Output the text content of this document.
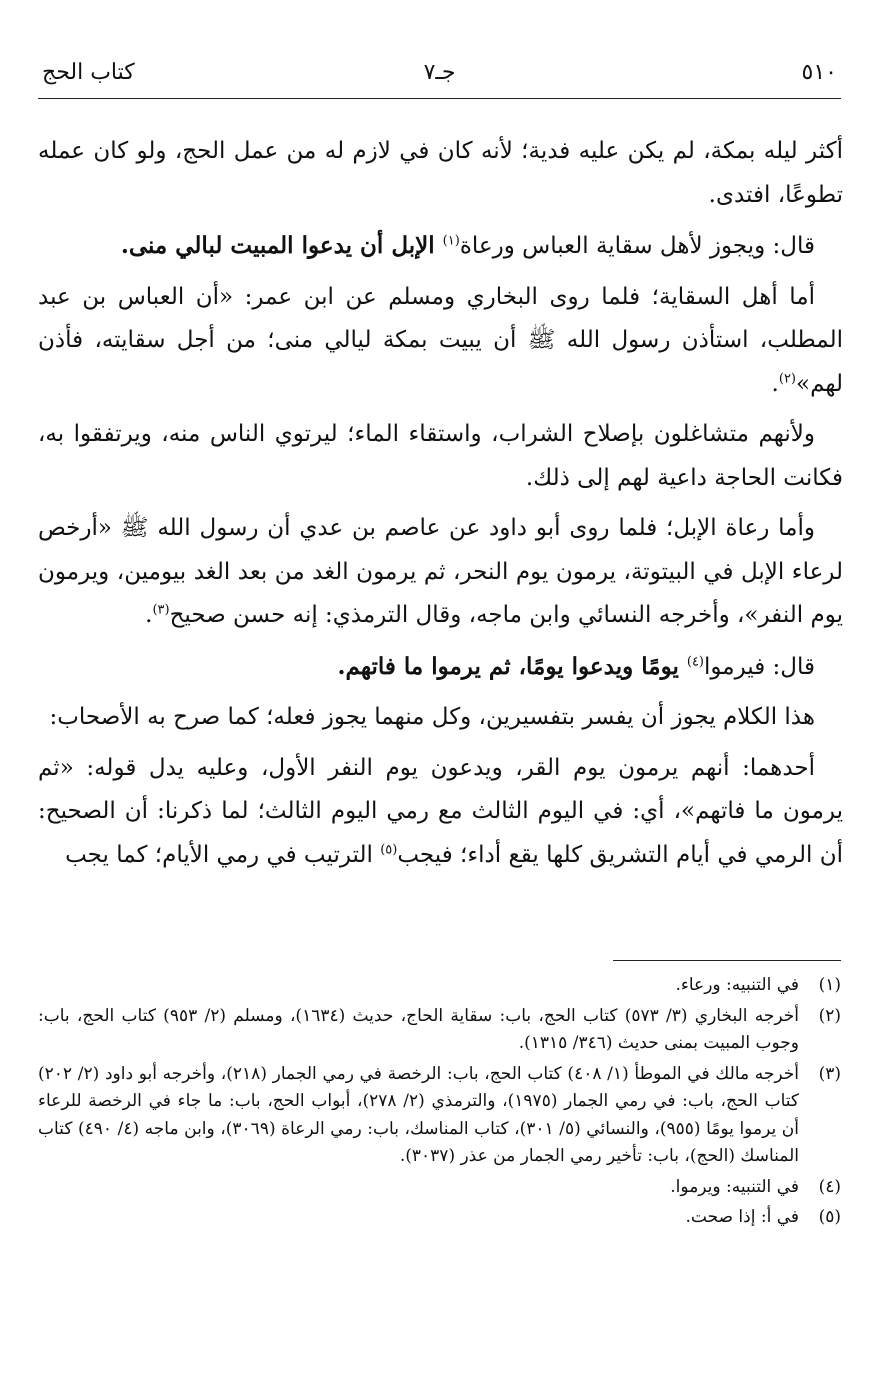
٥١٠
جـ٧
كتاب الحج

أكثر ليله بمكة، لم يكن عليه فدية؛ لأنه كان في لازم له من عمل الحج، ولو كان عمله تطوعًا، افتدى.

قال: ويجوز لأهل سقاية العباس ورعاة$^{(١)}$ الإبل أن يدعوا المبيت لبالي منى.

أما أهل السقاية؛ فلما روى البخاري ومسلم عن ابن عمر: «أن العباس بن عبد المطلب، استأذن رسول الله ﷺ أن يبيت بمكة ليالي منى؛ من أجل سقايته، فأذن لهم»$^{(٢)}$.

ولأنهم متشاغلون بإصلاح الشراب، واستقاء الماء؛ ليرتوي الناس منه، ويرتفقوا به، فكانت الحاجة داعية لهم إلى ذلك.

وأما رعاة الإبل؛ فلما روى أبو داود عن عاصم بن عدي أن رسول الله ﷺ «أرخص لرعاء الإبل في البيتوتة، يرمون يوم النحر، ثم يرمون الغد من بعد الغد بيومين، ويرمون يوم النفر»، وأخرجه النسائي وابن ماجه، وقال الترمذي: إنه حسن صحيح$^{(٣)}$.

قال: فيرموا$^{(٤)}$ يومًا ويدعوا يومًا، ثم يرموا ما فاتهم.

هذا الكلام يجوز أن يفسر بتفسيرين، وكل منهما يجوز فعله؛ كما صرح به الأصحاب:

أحدهما: أنهم يرمون يوم القر، ويدعون يوم النفر الأول، وعليه يدل قوله: «ثم يرمون ما فاتهم»، أي: في اليوم الثالث مع رمي اليوم الثالث؛ لما ذكرنا: أن الصحيح: أن الرمي في أيام التشريق كلها يقع أداء؛ فيجب$^{(٥)}$ الترتيب في رمي الأيام؛ كما يجب

(١)
في التنبيه: ورعاء.
(٢)
أخرجه البخاري (٣/ ٥٧٣) كتاب الحج، باب: سقاية الحاج، حديث (١٦٣٤)، ومسلم (٢/ ٩٥٣) كتاب الحج، باب: وجوب المبيت بمنى حديث (٣٤٦/ ١٣١٥).
(٣)
أخرجه مالك في الموطأ (١/ ٤٠٨) كتاب الحج، باب: الرخصة في رمي الجمار (٢١٨)، وأخرجه أبو داود (٢/ ٢٠٢) كتاب الحج، باب: في رمي الجمار (١٩٧٥)، والترمذي (٢/ ٢٧٨)، أبواب الحج، باب: ما جاء في الرخصة للرعاء أن يرموا يومًا (٩٥٥)، والنسائي (٥/ ٣٠١)، كتاب المناسك، باب: رمي الرعاة (٣٠٦٩)، وابن ماجه (٤/ ٤٩٠) كتاب المناسك (الحج)، باب: تأخير رمي الجمار من عذر (٣٠٣٧).
(٤)
في التنبيه: ويرموا.
(٥)
في أ: إذا صحت.
